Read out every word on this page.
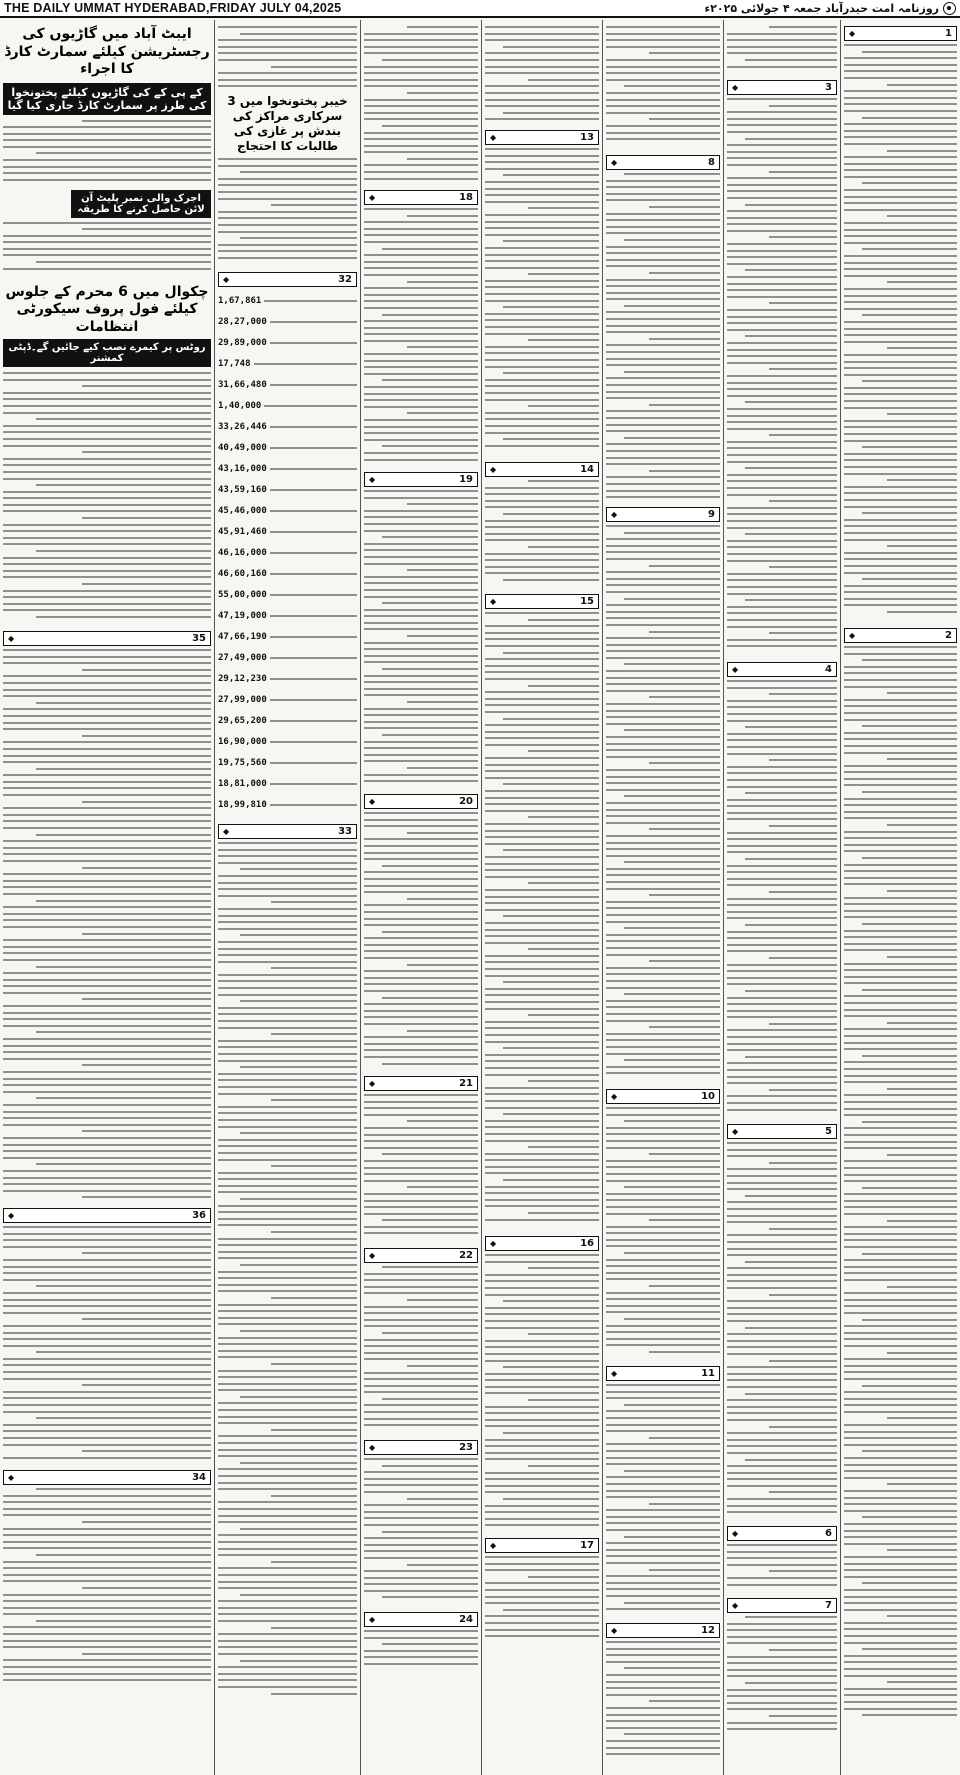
THE DAILY UMMAT HYDERABAD,FRIDAY JULY 04,2025	روزنامہ امت حیدرآباد جمعہ ۴ جولائی ۲۰۲۵ء
ایبٹ آباد میں گاڑیوں کی رجسٹریشن کیلئے سمارٹ کارڈ کا اجراء
کے پی کے کی گاڑیوں کیلئے پختونخوا کی طرز پر سمارٹ کارڈ جاری کیا گیا
اجرک والی نمبر پلیٹ آن لائن حاصل کرنے کا طریقہ
چکوال میں 6 محرم کے جلوس کیلئے فول پروف سیکورٹی انتظامات
روٹس پر کیمرے نصب کیے جائیں گے۔ڈپٹی کمشنر
35
◆
36
◆
34
◆
خیبر پختونخوا میں 3 سرکاری مراکز کی بندش پر غازی کی طالبات کا احتجاج
32
◆
1,67,861
28,27,000
29,89,000
17,748
31,66,480
1,40,000
33,26,446
40,49,000
43,16,000
43,59,160
45,46,000
45,91,460
46,16,000
46,60,160
55,00,000
47,19,000
47,66,190
27,49,000
29,12,230
27,99,000
29,65,200
16,90,000
19,75,560
18,81,000
18,99,810
33
◆
18
◆
19
◆
20
◆
21
◆
22
◆
23
◆
24
◆
13
◆
14
◆
15
◆
16
◆
17
◆
8
◆
9
◆
10
◆
11
◆
12
◆
3
◆
4
◆
5
◆
6
◆
7
◆
1
◆
2
◆
